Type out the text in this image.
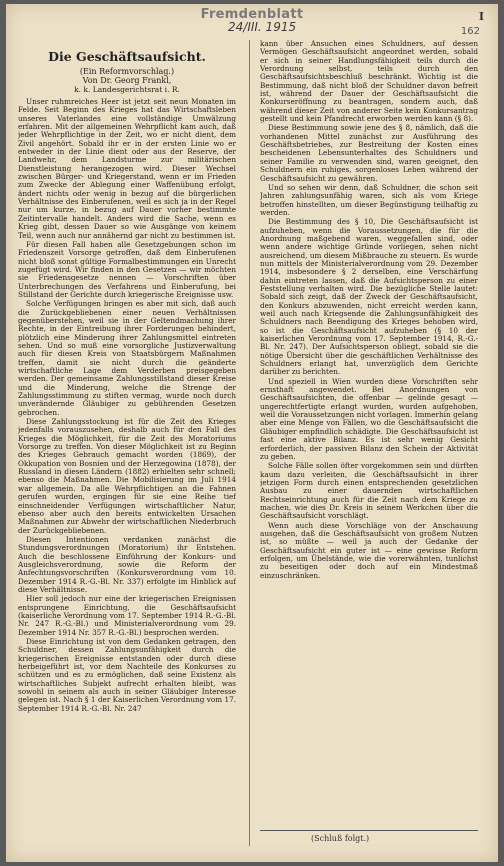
Fremdenblatt
24/III. 1915
I
162
Die Geschäftsaufsicht.
(Ein Reformvorschlag.)
Von Dr. Georg Frankl,
k. k. Landesgerichtsrat i. R.

Unser ruhmreiches Heer ist jetzt seit neun Monaten im Felde. Seit Beginn des Krieges hat das Wirtschaftsleben unseres Vaterlandes eine vollständige Umwälzung erfahren. Mit der allgemeinen Wehrpflicht kam auch, daß jeder Wehrpflichtige in der Zeit, wo er nicht dient, dem Zivil angehört. Sobald ihr er in der ersten Linie wo er entweder in der Linie dient oder aus der Reserve, der Landwehr, dem Landsturme zur militärischen Dienstleistung herangezogen wird. Dieser Wechsel zwischen Bürger- und Kriegerstand, wenn er im Frieden zum Zwecke der Ablegung einer Waffenübung erfolgt, ändert nichts oder wenig in bezug auf die bürgerlichen Verhältnisse des Einberufenen, weil es sich ja in der Regel nur um kurze, in bezug auf Dauer vorher bestimmte Zeitintervalle handelt. Anders wird die Sache, wenn es Krieg gibt, dessen Dauer so wie Ausgänge von keinem Teil, wenn auch nur annähernd gar nicht zu bestimmen ist.

Für diesen Fall haben alle Gesetzgebungen schon im Friedenszeit Vorsorge getroffen, daß dem Einberufenen nicht bloß sonst gültige Formalbestimmungen ein Unrecht zugefügt wird. Wir finden in den Gesetzen — wir möchten sie Friedensgesetze nennen — Vorschriften über Unterbrechungen des Verfahrens und Einberufung, bei Stillstand der Gerichte durch kriegerische Ereignisse usw.

Solche Verfügungen bringen es aber mit sich, daß auch die Zurückgebliebenen einer neuen Verhältnissen gegenüberstehen, weil sie in der Geltendmachung ihrer Rechte, in der Eintreibung ihrer Forderungen behindert, plötzlich eine Minderung ihrer Zahlungsmittel eintreten sehen. Und so muß eine vorsorgliche Justizverwaltung auch für diesen Kreis von Staatsbürgern Maßnahmen treffen, damit sie nicht durch die geänderte wirtschaftliche Lage dem Verderben preisgegeben werden. Der gemeinsame Zahlungsstillstand dieser Kreise und die Minderung, welche die Strenge der Zahlungsstimmung zu stiften vermag, wurde noch durch unverändernde Gläubiger zu gebührenden Gesetzen gebrochen.

Diese Zahlungsstockung ist für die Zeit des Krieges jedenfalls vorauszusehen, deshalb auch für den Fall des Krieges die Möglichkeit, für die Zeit des Moratoriums Vorsorge zu treffen. Von dieser Möglichkeit ist zu Beginn des Krieges Gebrauch gemacht worden (1869), der Okkupation von Bosnien und der Herzegowina (1878), der Russland in diesen Ländern (1882) erhielten sehr schnell; ebenso die Maßnahmen. Die Mobilisierung im Juli 1914 war allgemein. Da alle Wehrpflichtigen an die Fahnen gerufen wurden, ergingen für sie eine Reihe tief einschneidender Verfügungen wirtschaftlicher Natur, ebenso aber auch den bereits entwickelten Ursachen Maßnahmen zur Abwehr der wirtschaftlichen Niederbruch der Zurückgebliebenen.

Diesen Intentionen verdanken zunächst die Stundungsverordnungen (Moratorium) ihr Entstehen. Auch die beschlossene Einführung der Konkurs- und Ausgleichsverordnung, sowie die Reform der Anfechtungsvorschriften (Konkursverordnung vom 10. Dezember 1914 R.-G.-Bl. Nr. 337) erfolgte im Hinblick auf diese Verhältnisse.

Hier soll jedoch nur eine der kriegerischen Ereignissen entsprungene Einrichtung, die Geschäftsaufsicht (kaiserliche Verordnung vom 17. September 1914 R.-G.-Bl. Nr. 247 R.-G.-Bl.) und Ministerialverordnung vom 29. Dezember 1914 Nr. 357 R.-G.-Bl.) besprochen werden.

Diese Einrichtung ist von dem Gedanken getragen, den Schuldner, dessen Zahlungsunfähigkeit durch die kriegerischen Ereignisse entstanden oder durch diese herbeigeführt ist, vor dem Nachteile des Konkurses zu schützen und es zu ermöglichen, daß seine Existenz als wirtschaftliches Subjekt aufrecht erhalten bleibt, was sowohl in seinem als auch in seiner Gläubiger Interesse gelegen ist. Nach § 1 der Kaiserlichen Verordnung vom 17. September 1914 R.-G.-Bl. Nr. 247

kann über Ansuchen eines Schuldners, auf dessen Vermögen Geschäftsaufsicht angeordnet werden, sobald er sich in seiner Handlungsfähigkeit teils durch die Verordnung selbst, teils durch den Geschäftsaufsichtsbeschluß beschränkt. Wichtig ist die Bestimmung, daß nicht bloß der Schuldner davon befreit ist, während der Dauer der Geschäftsaufsicht die Konkurseröffnung zu beantragen, sondern auch, daß während dieser Zeit von anderer Seite kein Konkursantrag gestellt und kein Pfandrecht erworben werden kann (§ 8).

Diese Bestimmung sowie jene des § 8, nämlich, daß die vorhandenen Mittel zunächst zur Ausführung des Geschäftsbetriebes, zur Bestreitung der Kosten eines bescheidenen Lebensunterhaltes des Schuldners und seiner Familie zu verwenden sind, waren geeignet, den Schuldnern ein ruhiges, sorgenloses Leben während der Geschäftsaufsicht zu gewähren.

Und so sehen wir denn, daß Schuldner, die schon seit Jahren zahlungsunfähig waren, sich als vom Kriege betroffen hinstellten, um dieser Begünstigung teilhaftig zu werden.

Die Bestimmung des § 10, Die Geschäftsaufsicht ist aufzuheben, wenn die Voraussetzungen, die für die Anordnung maßgebend waren, weggefallen sind, oder wenn andere wichtige Gründe vorliegen, sehen nicht ausreichend, um diesem Mißbrauche zu steuern. Es wurde nun mittels der Ministerialverordnung vom 29. Dezember 1914, insbesondere § 2 derselben, eine Verschärfung dahin eintreten lassen, daß die Aufsichtsperson zu einer Feststellung verhalten wird. Die bezügliche Stelle lautet: Sobald sich zeigt, daß der Zweck der Geschäftsaufsicht, den Konkurs abzuwenden, nicht erreicht werden kann, weil auch nach Kriegsende die Zahlungsunfähigkeit des Schuldners nach Beendigung des Krieges behoben wird, so ist die Geschäftsaufsicht aufzuheben (§ 10 der kaiserlichen Verordnung vom 17. September 1914, R.-G.-Bl. Nr. 247). Der Aufsichtsperson obliegt, sobald sie die nötige Übersicht über die geschäftlichen Verhältnisse des Schuldners erlangt hat, unverzüglich dem Gerichte darüber zu berichten.

Und speziell in Wien wurden diese Vorschriften sehr ernsthaft angewendet. Bei Anordnungen von Geschäftsaufsichten, die offenbar — gelinde gesagt — ungerechtfertigte erlangt wurden, wurden aufgehoben, weil die Voraussetzungen nicht vorlagen. Immerhin gelang aber eine Menge von Fällen, wo die Geschäftsaufsicht die Gläubiger empfindlich schädigte. Die Geschäftsaufsicht ist fast eine aktive Bilanz. Es ist sehr wenig Gesicht erforderlich, der passiven Bilanz den Schein der Aktivität zu geben.

Solche Fälle sollen öfter vorgekommen sein und dürften kaum dazu verleiten, die Geschäftsaufsicht in ihrer jetzigen Form durch einen entsprechenden gesetzlichen Ausbau zu einer dauernden wirtschaftlichen Rechtseinrichtung auch für die Zeit nach dem Kriege zu machen, wie dies Dr. Kreis in seinem Werkchen über die Geschäftsaufsicht vorschlägt.

Wenn auch diese Vorschläge von der Anschauung ausgehen, daß die Geschäftsaufsicht von großem Nutzen ist, so müßte — weil ja auch der Gedanke der Geschäftsaufsicht ein guter ist — eine gewisse Reform erfolgen, um Übelstände, wie die vorerwähnten, tunlichst zu beseitigen oder doch auf ein Mindestmaß einzuschränken.

(Schluß folgt.)
